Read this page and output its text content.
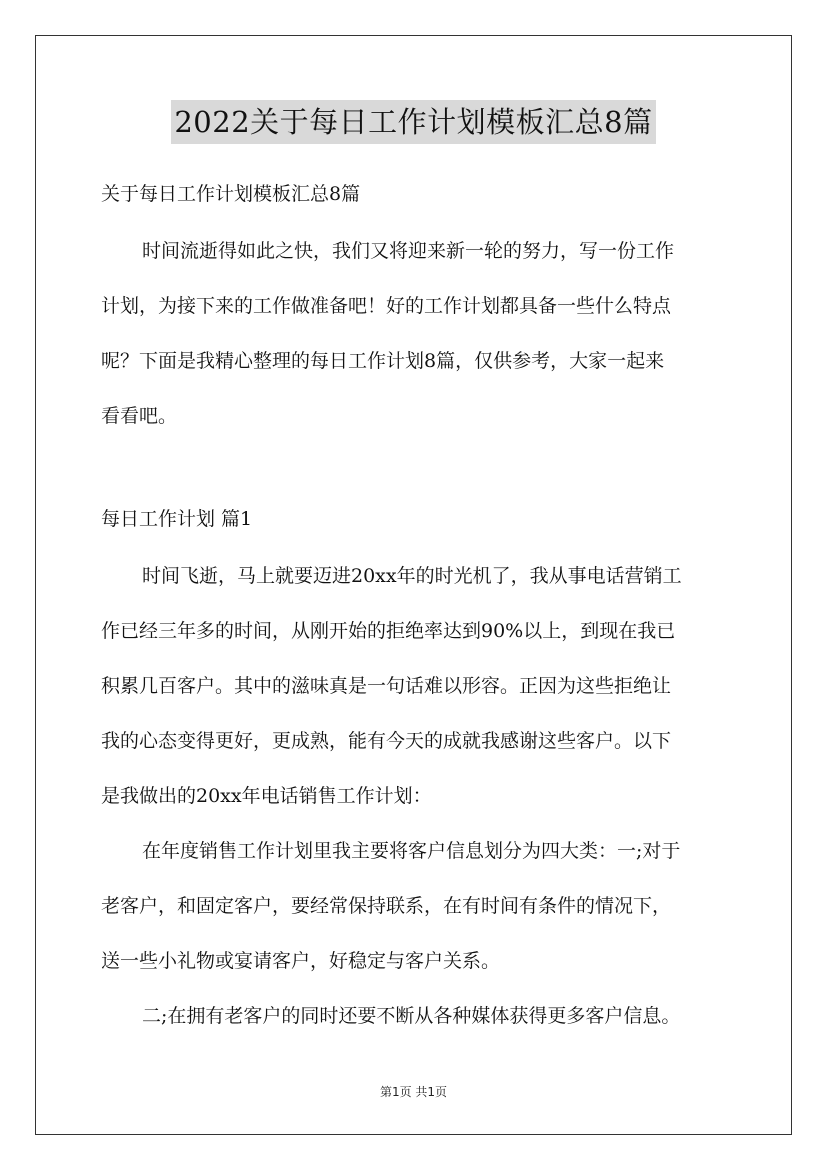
2022关于每日工作计划模板汇总8篇
关于每日工作计划模板汇总8篇
时间流逝得如此之快，我们又将迎来新一轮的努力，写一份工作
计划，为接下来的工作做准备吧！好的工作计划都具备一些什么特点
呢？下面是我精心整理的每日工作计划8篇，仅供参考，大家一起来
看看吧。
每日工作计划 篇1
时间飞逝，马上就要迈进20xx年的时光机了，我从事电话营销工
作已经三年多的时间，从刚开始的拒绝率达到90%以上，到现在我已
积累几百客户。其中的滋味真是一句话难以形容。正因为这些拒绝让
我的心态变得更好，更成熟，能有今天的成就我感谢这些客户。以下
是我做出的20xx年电话销售工作计划：
在年度销售工作计划里我主要将客户信息划分为四大类：一;对于
老客户，和固定客户，要经常保持联系，在有时间有条件的情况下，
送一些小礼物或宴请客户，好稳定与客户关系。
二;在拥有老客户的同时还要不断从各种媒体获得更多客户信息。
第1页 共1页
